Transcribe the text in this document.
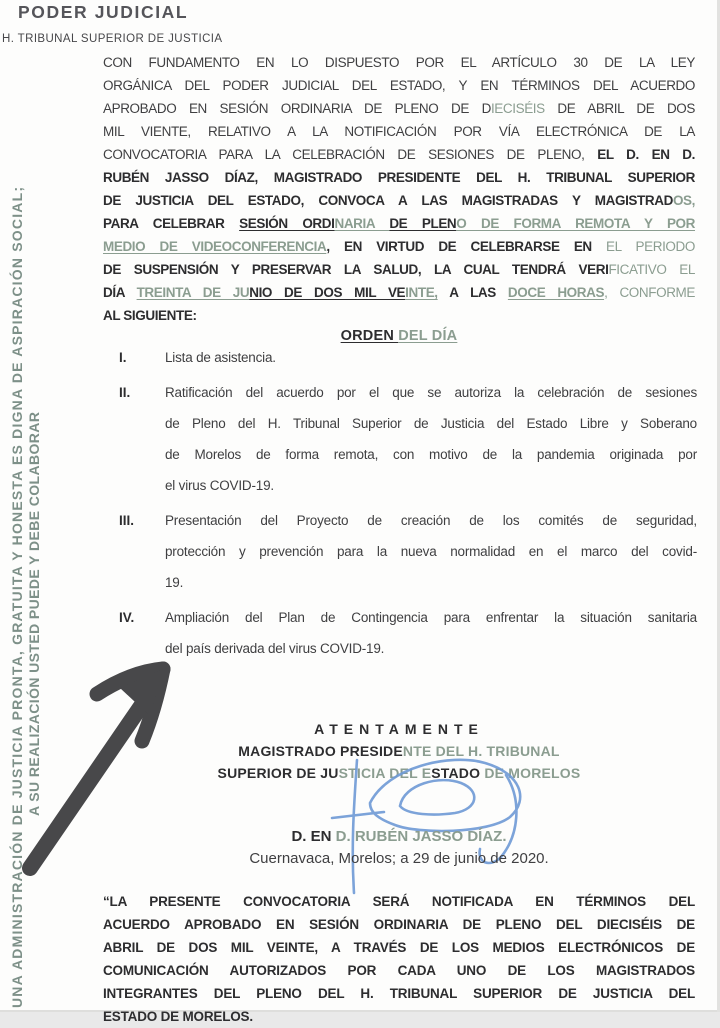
PODER JUDICIAL
H. TRIBUNAL SUPERIOR DE JUSTICIA
UNA ADMINISTRACIÓN DE JUSTICIA PRONTA, GRATUITA Y HONESTA ES DIGNA DE ASPIRACIÓN SOCIAL; A SU REALIZACIÓN USTED PUEDE Y DEBE COLABORAR
CON FUNDAMENTO EN LO DISPUESTO POR EL ARTÍCULO 30 DE LA LEY
ORGÁNICA DEL PODER JUDICIAL DEL ESTADO, Y EN TÉRMINOS DEL ACUERDO
APROBADO EN SESIÓN ORDINARIA DE PLENO DE DIECISÉIS DE ABRIL DE DOS
MIL VIENTE, RELATIVO A LA NOTIFICACIÓN POR VÍA ELECTRÓNICA DE LA
CONVOCATORIA PARA LA CELEBRACIÓN DE SESIONES DE PLENO, EL D. EN D.
RUBÉN JASSO DÍAZ, MAGISTRADO PRESIDENTE DEL H. TRIBUNAL SUPERIOR
DE JUSTICIA DEL ESTADO, CONVOCA A LAS MAGISTRADAS Y MAGISTRADOS,
PARA CELEBRAR SESIÓN ORDINARIA DE PLENO DE FORMA REMOTA Y POR
MEDIO DE VIDEOCONFERENCIA, EN VIRTUD DE CELEBRARSE EN EL PERIODO
DE SUSPENSIÓN Y PRESERVAR LA SALUD, LA CUAL TENDRÁ VERIFICATIVO EL
DÍA TREINTA DE JUNIO DE DOS MIL VEINTE, A LAS DOCE HORAS, CONFORME
AL SIGUIENTE:
ORDEN DEL DÍA
I.	Lista de asistencia.
II.	Ratificación del acuerdo por el que se autoriza la celebración de sesiones
de Pleno del H. Tribunal Superior de Justicia del Estado Libre y Soberano
de Morelos de forma remota, con motivo de la pandemia originada por
el virus COVID-19.
III. Presentación del Proyecto de creación de los comités de seguridad,
protección y prevención para la nueva normalidad en el marco del covid-
19.
IV. Ampliación del Plan de Contingencia para enfrentar la situación sanitaria
del país derivada del virus COVID-19.
ATENTAMENTE
MAGISTRADO PRESIDENTE DEL H. TRIBUNAL
SUPERIOR DE JUSTICIA DEL ESTADO DE MORELOS
D. EN D. RUBÉN JASSO DÍAZ.
Cuernavaca, Morelos; a 29 de junio de 2020.
“LA PRESENTE CONVOCATORIA SERÁ NOTIFICADA EN TÉRMINOS DEL
ACUERDO APROBADO EN SESIÓN ORDINARIA DE PLENO DEL DIECISÉIS DE
ABRIL DE DOS MIL VEINTE, A TRAVÉS DE LOS MEDIOS ELECTRÓNICOS DE
COMUNICACIÓN AUTORIZADOS POR CADA UNO DE LOS MAGISTRADOS
INTEGRANTES DEL PLENO DEL H. TRIBUNAL SUPERIOR DE JUSTICIA DEL
ESTADO DE MORELOS.
